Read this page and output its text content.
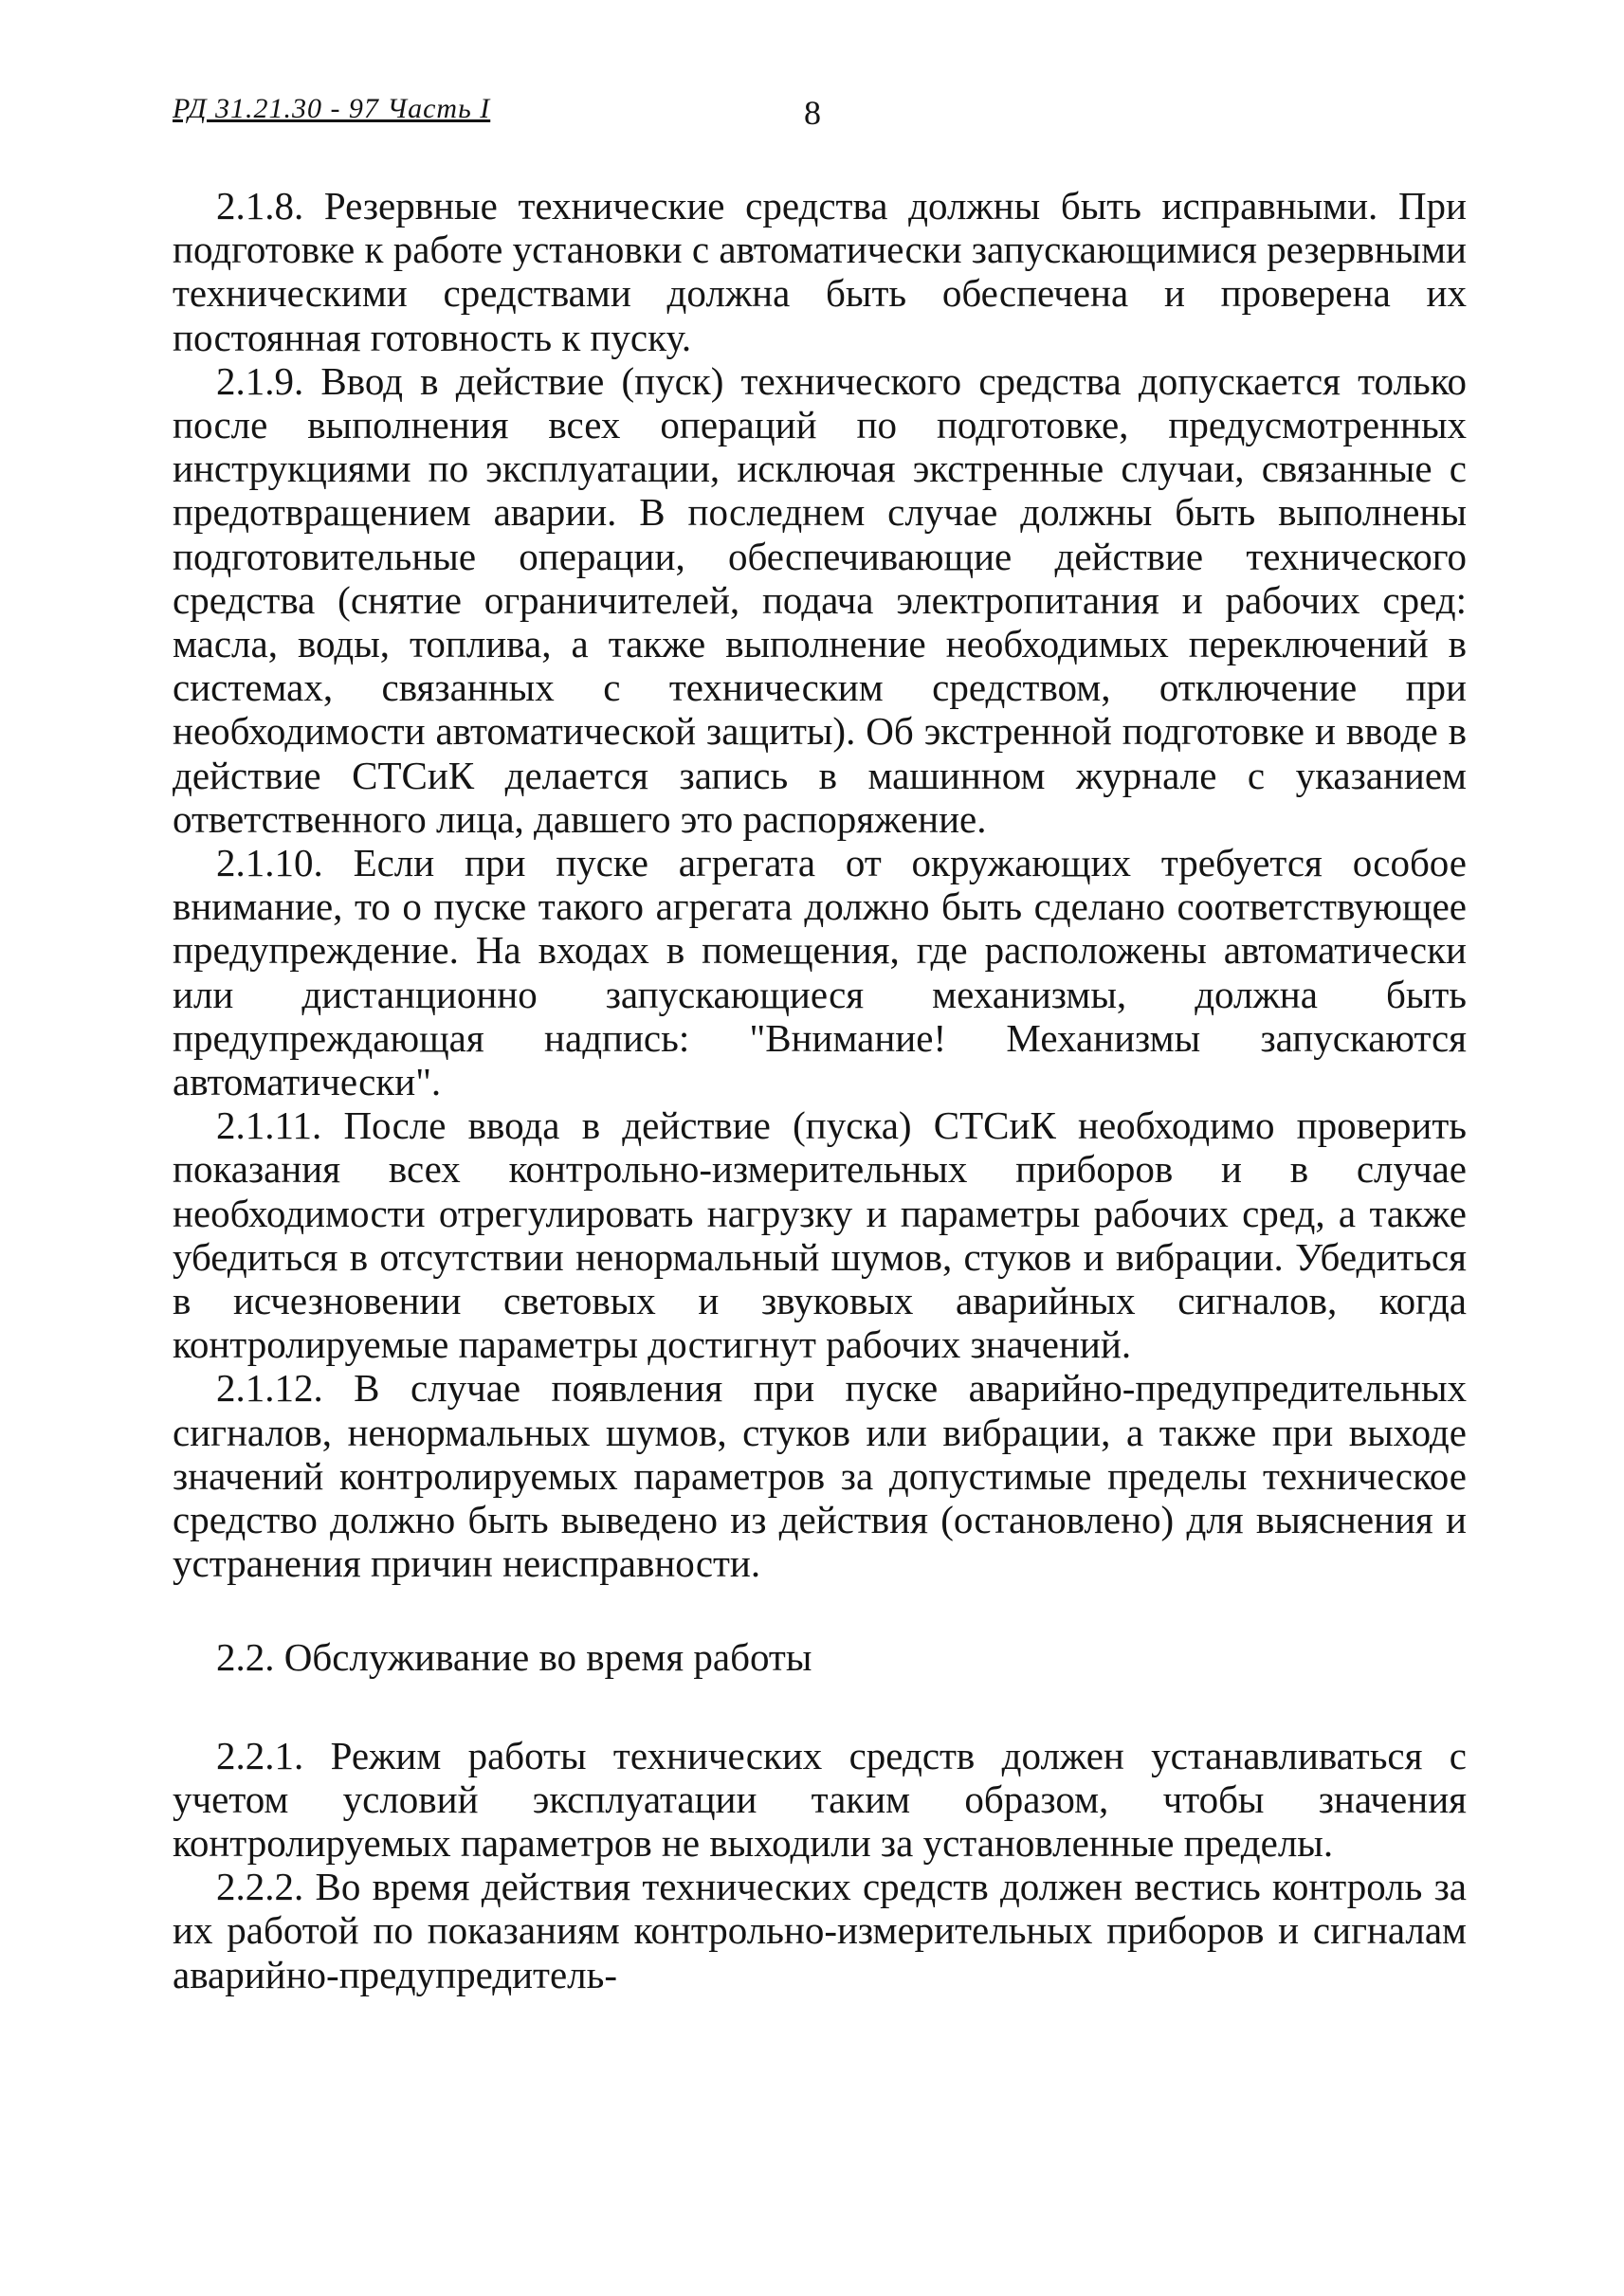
РД 31.21.30 - 97 Часть I	8

2.1.8. Резервные технические средства должны быть исправными. При подготовке к работе установки с автоматически запускающимися резервными техническими средствами должна быть обеспечена и проверена их постоянная готовность к пуску.

2.1.9. Ввод в действие (пуск) технического средства допускается только после выполнения всех операций по подготовке, предусмотренных инструкциями по эксплуатации, исключая экстренные случаи, связанные с предотвращением аварии. В последнем случае должны быть выполнены подготовительные операции, обеспечивающие действие технического средства (снятие ограничителей, подача электропитания и рабочих сред: масла, воды, топлива, а также выполнение необходимых переключений в системах, связанных с техническим средством, отключение при необходимости автоматической защиты). Об экстренной подготовке и вводе в действие СТСиК делается запись в машинном журнале с указанием ответственного лица, давшего это распоряжение.

2.1.10. Если при пуске агрегата от окружающих требуется особое внимание, то о пуске такого агрегата должно быть сделано соответствующее предупреждение. На входах в помещения, где расположены автоматически или дистанционно запускающиеся механизмы, должна быть предупреждающая надпись: "Внимание! Механизмы запускаются автоматически".

2.1.11. После ввода в действие (пуска) СТСиК необходимо проверить показания всех контрольно-измерительных приборов и в случае необходимости отрегулировать нагрузку и параметры рабочих сред, а также убедиться в отсутствии ненормальный шумов, стуков и вибрации. Убедиться в исчезновении световых и звуковых аварийных сигналов, когда контролируемые параметры достигнут рабочих значений.

2.1.12. В случае появления при пуске аварийно-предупредительных сигналов, ненормальных шумов, стуков или вибрации, а также при выходе значений контролируемых параметров за допустимые пределы техническое средство должно быть выведено из действия (остановлено) для выяснения и устранения причин неисправности.

2.2. Обслуживание во время работы

2.2.1. Режим работы технических средств должен устанавливаться с учетом условий эксплуатации таким образом, чтобы значения контролируемых параметров не выходили за установленные пределы.

2.2.2. Во время действия технических средств должен вестись контроль за их работой по показаниям контрольно-измерительных приборов и сигналам аварийно-предупредитель-
